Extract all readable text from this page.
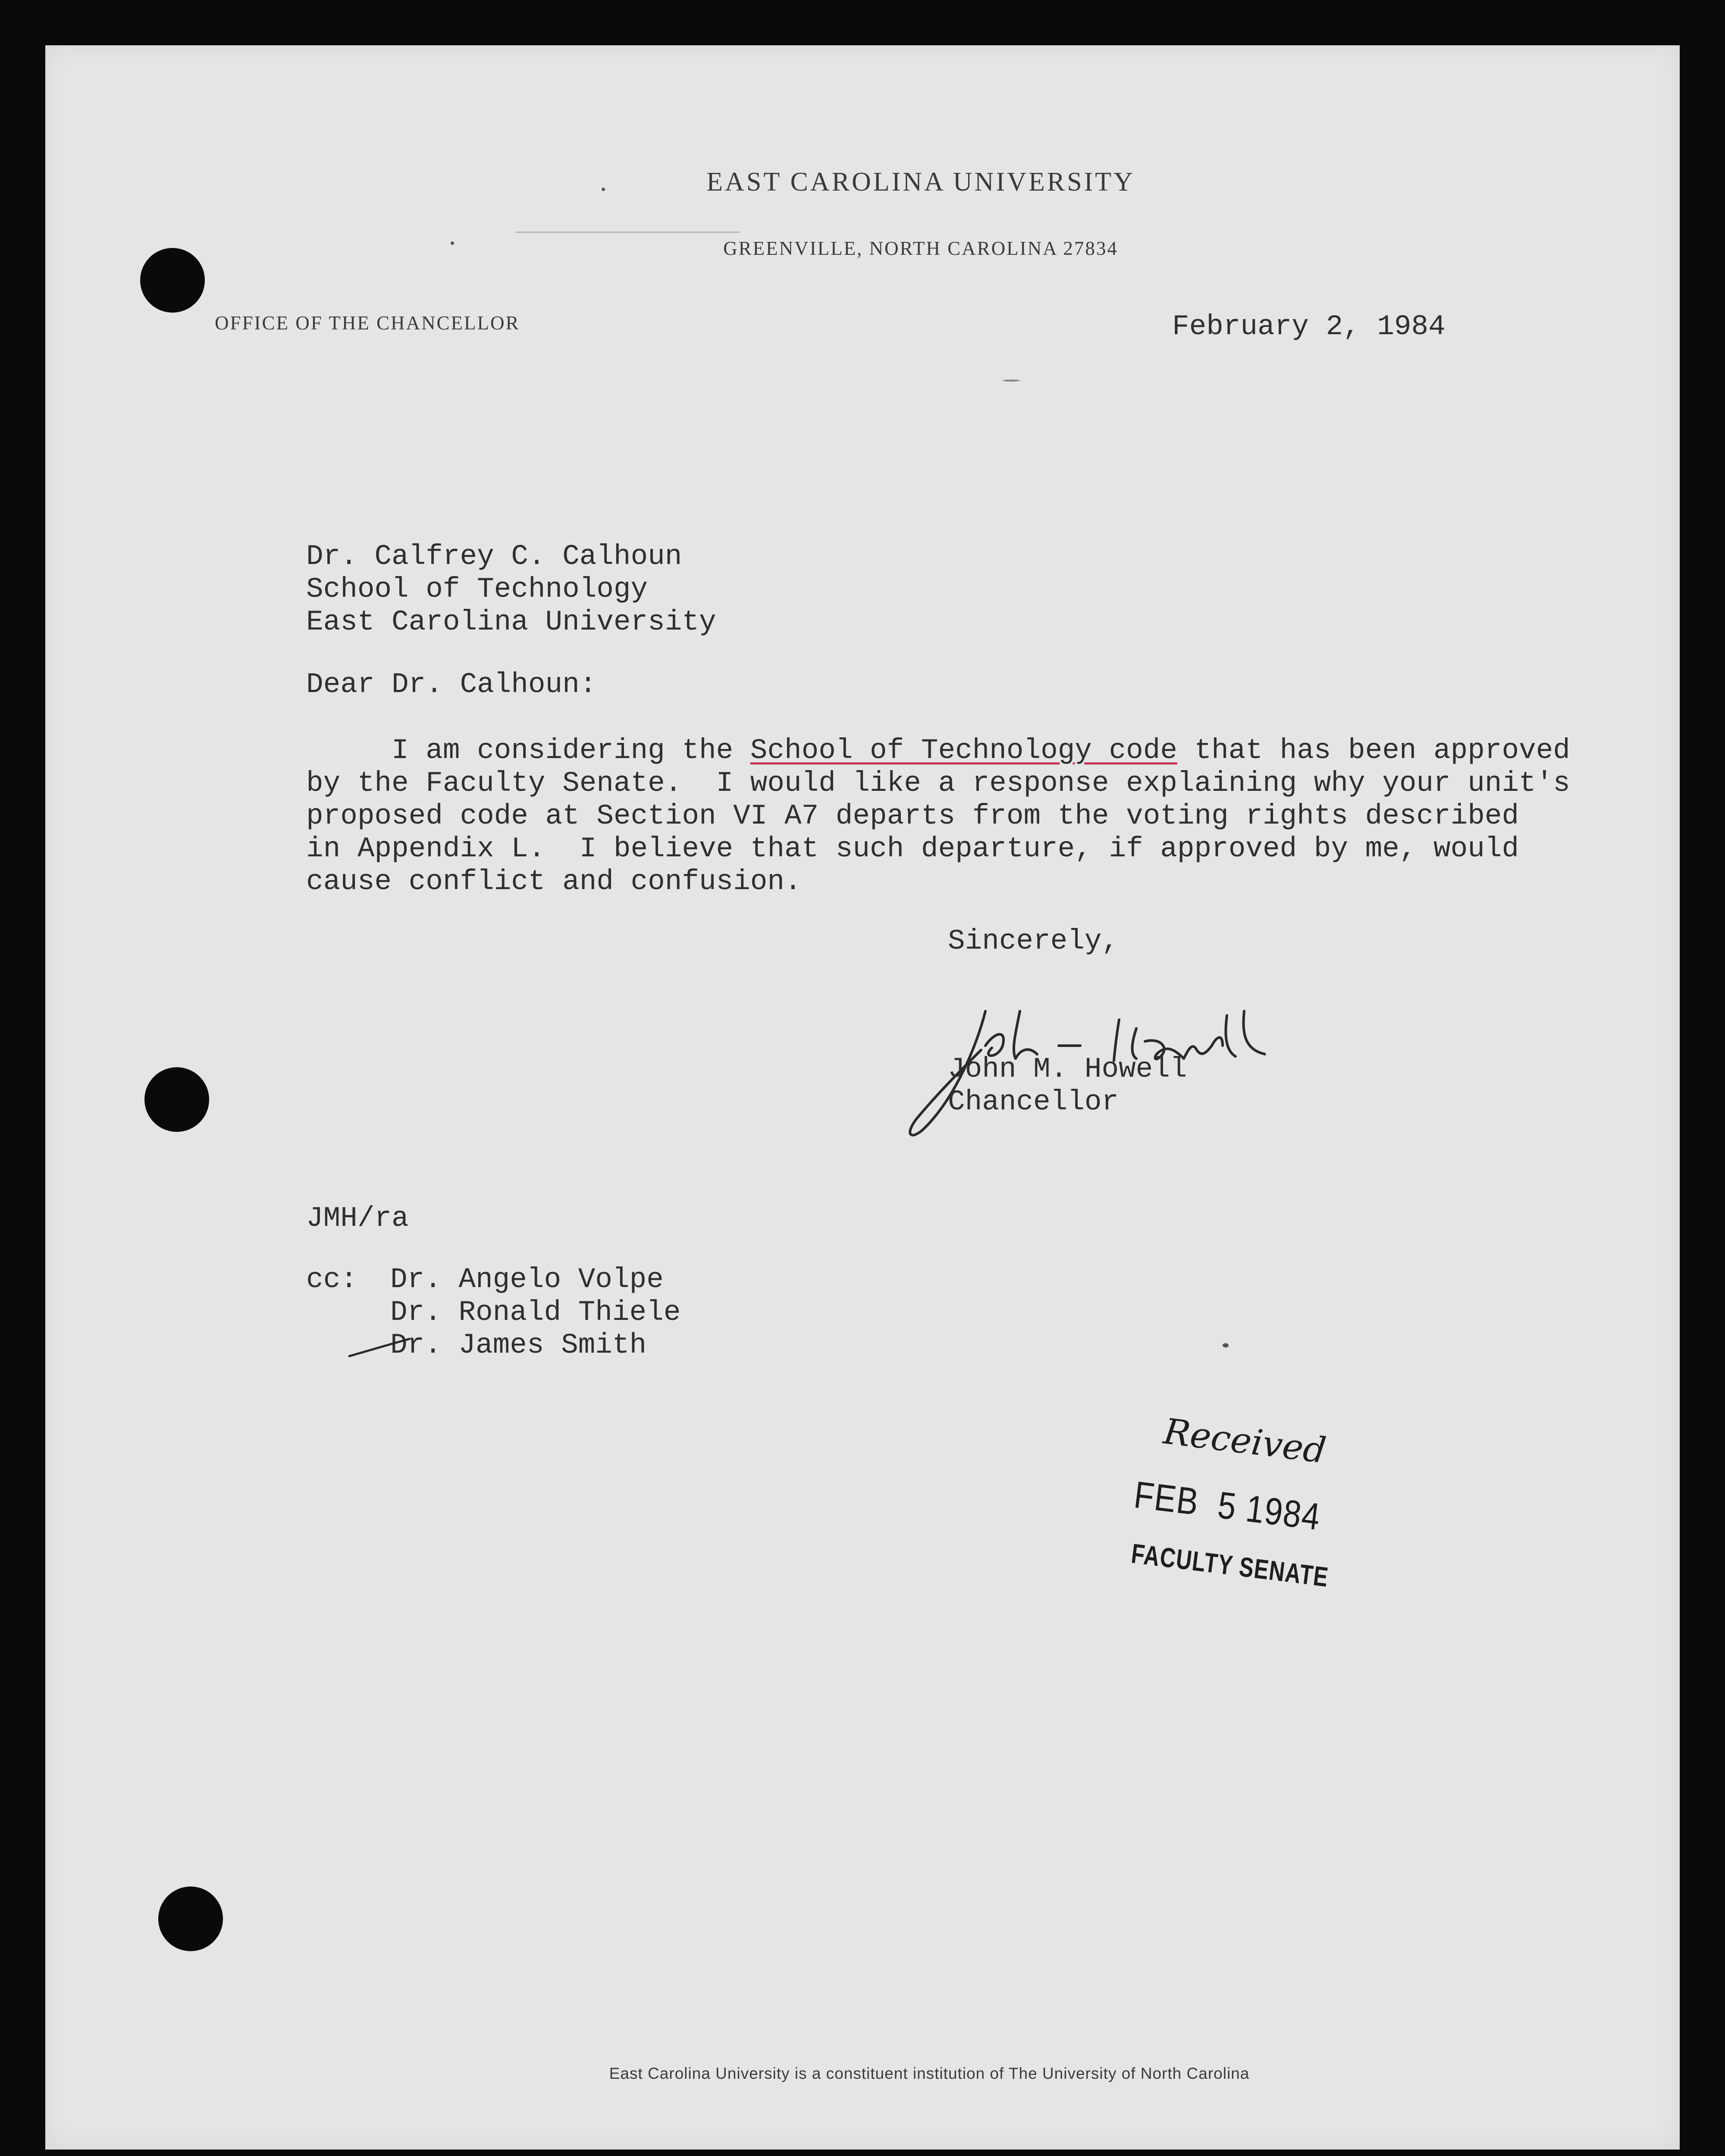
EAST CAROLINA UNIVERSITY
GREENVILLE, NORTH CAROLINA 27834
OFFICE OF THE CHANCELLOR	February 2, 1984
Dr. Calfrey C. Calhoun
School of Technology
East Carolina University
Dear Dr. Calhoun:
I am considering the School of Technology code that has been approved
by the Faculty Senate.  I would like a response explaining why your unit's
proposed code at Section VI A7 departs from the voting rights described
in Appendix L.  I believe that such departure, if approved by me, would
cause conflict and confusion.
Sincerely,
John M. Howell
Chancellor
JMH/ra
cc: Dr. Angelo Volpe
Dr. Ronald Thiele
Dr. James Smith
Received
FEB  5 1984
FACULTY SENATE
East Carolina University is a constituent institution of The University of North Carolina
